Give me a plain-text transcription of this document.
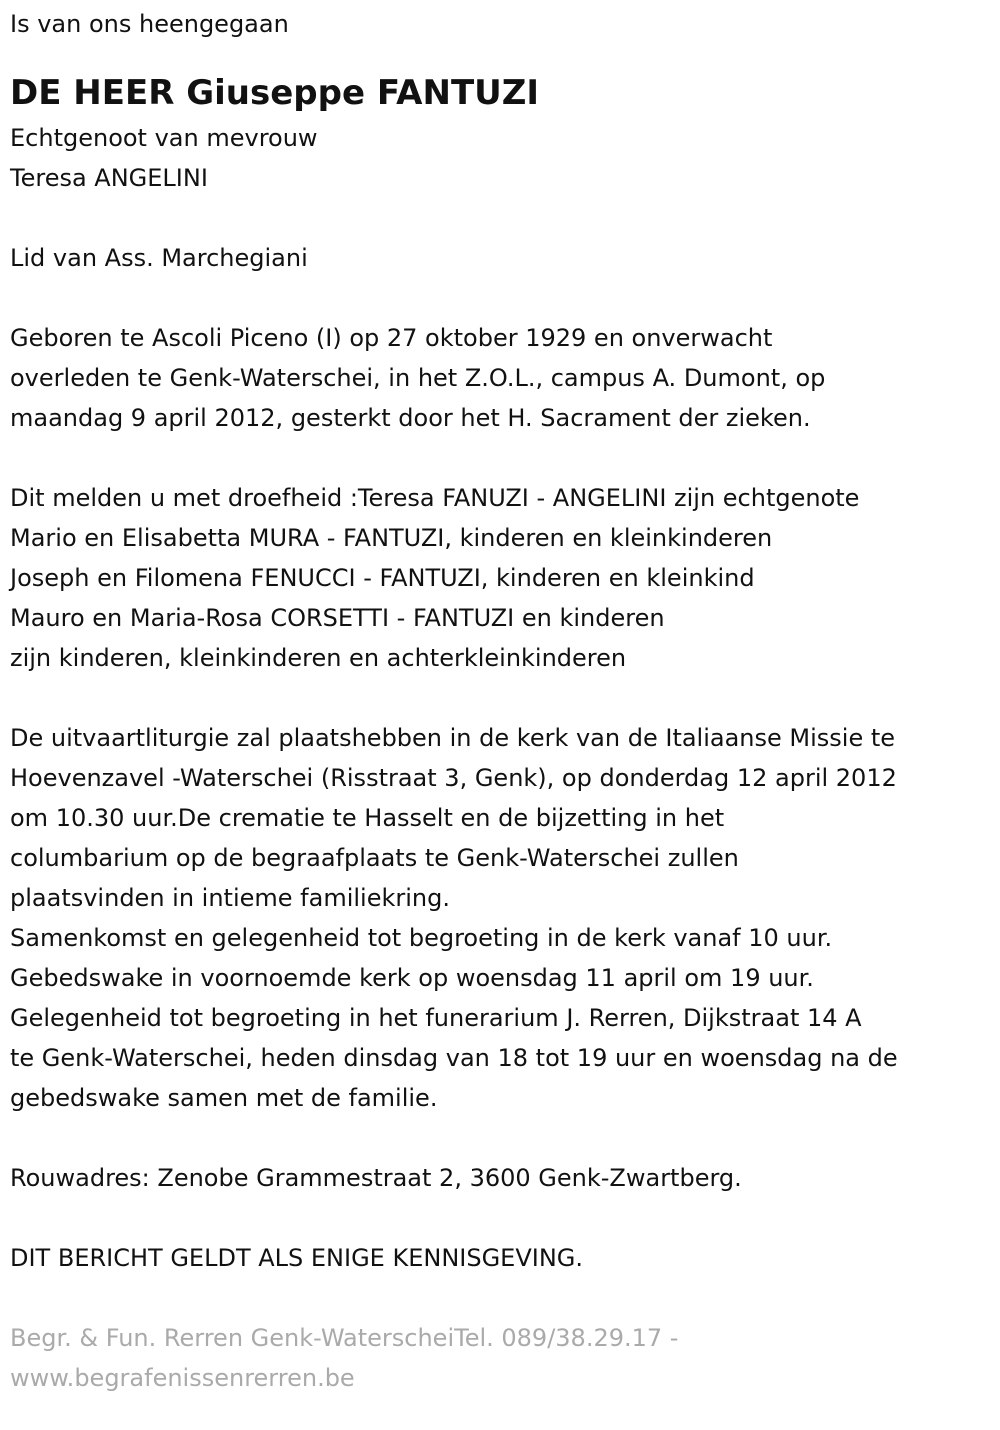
Is van ons heengegaan
DE HEER Giuseppe FANTUZI
Echtgenoot van mevrouw
Teresa ANGELINI
Lid van Ass. Marchegiani
Geboren te Ascoli Piceno (I) op 27 oktober 1929 en onverwacht
overleden te Genk-Waterschei, in het Z.O.L., campus A. Dumont, op
maandag 9 april 2012, gesterkt door het H. Sacrament der zieken.
Dit melden u met droefheid :Teresa FANUZI - ANGELINI zijn echtgenote
Mario en Elisabetta MURA - FANTUZI, kinderen en kleinkinderen
Joseph en Filomena FENUCCI - FANTUZI, kinderen en kleinkind
Mauro en Maria-Rosa CORSETTI - FANTUZI en kinderen
zijn kinderen, kleinkinderen en achterkleinkinderen
De uitvaartliturgie zal plaatshebben in de kerk van de Italiaanse Missie te
Hoevenzavel -Waterschei (Risstraat 3, Genk), op donderdag 12 april 2012
om 10.30 uur.De crematie te Hasselt en de bijzetting in het
columbarium op de begraafplaats te Genk-Waterschei zullen
plaatsvinden in intieme familiekring.
Samenkomst en gelegenheid tot begroeting in de kerk vanaf 10 uur.
Gebedswake in voornoemde kerk op woensdag 11 april om 19 uur.
Gelegenheid tot begroeting in het funerarium J. Rerren, Dijkstraat 14 A
te Genk-Waterschei, heden dinsdag van 18 tot 19 uur en woensdag na de
gebedswake samen met de familie.
Rouwadres: Zenobe Grammestraat 2, 3600 Genk-Zwartberg.
DIT BERICHT GELDT ALS ENIGE KENNISGEVING.
Begr. & Fun. Rerren Genk-WaterscheiTel. 089/38.29.17 -
www.begrafenissenrerren.be
